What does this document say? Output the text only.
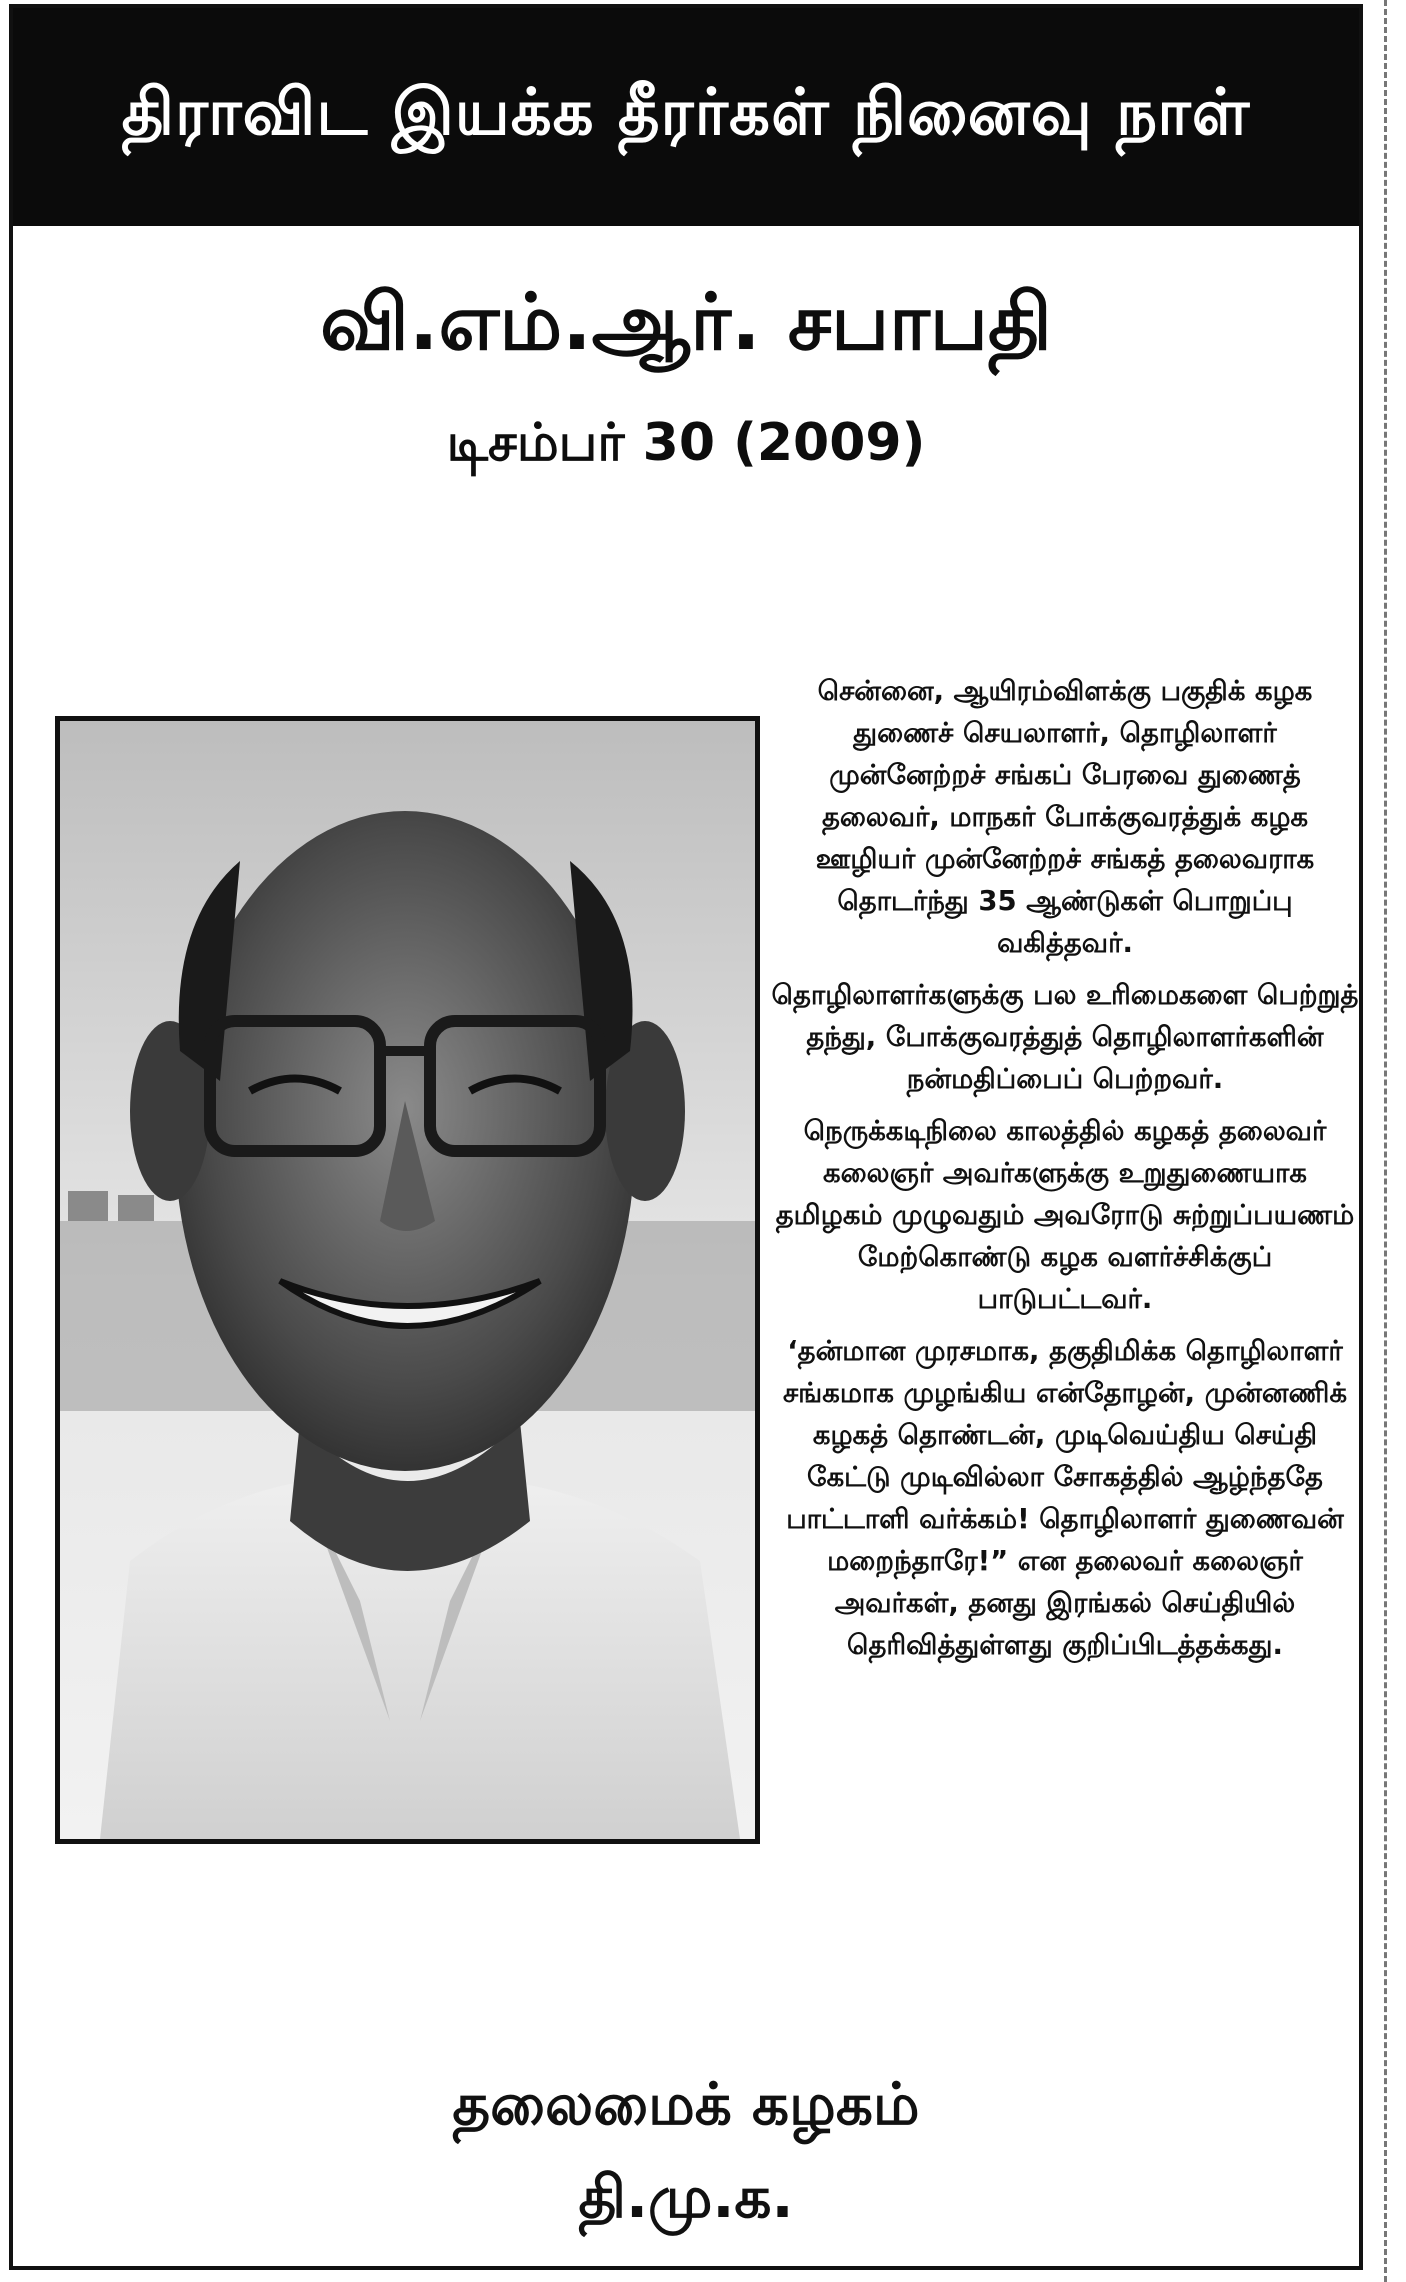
திராவிட இயக்க தீரர்கள் நினைவு நாள்
வி.எம்.ஆர். சபாபதி
டிசம்பர் 30 (2009)

சென்னை, ஆயிரம்விளக்கு பகுதிக் கழக துணைச் செயலாளர், தொழிலாளர் முன்னேற்றச் சங்கப் பேரவை துணைத் தலைவர், மாநகர் போக்குவரத்துக் கழக ஊழியர் முன்னேற்றச் சங்கத் தலைவராக தொடர்ந்து 35 ஆண்டுகள் பொறுப்பு வகித்தவர்.

தொழிலாளர்களுக்கு பல உரிமைகளை பெற்றுத் தந்து, போக்குவரத்துத் தொழிலாளர்களின் நன்மதிப்பைப் பெற்றவர்.

நெருக்கடிநிலை காலத்தில் கழகத் தலைவர் கலைஞர் அவர்களுக்கு உறுதுணையாக தமிழகம் முழுவதும் அவரோடு சுற்றுப்பயணம் மேற்கொண்டு கழக வளர்ச்சிக்குப் பாடுபட்டவர்.

‘தன்மான முரசமாக, தகுதிமிக்க தொழிலாளர் சங்கமாக முழங்கிய என்தோழன், முன்னணிக் கழகத் தொண்டன், முடிவெய்திய செய்தி கேட்டு முடிவில்லா சோகத்தில் ஆழ்ந்ததே பாட்டாளி வர்க்கம்! தொழிலாளர் துணைவன் மறைந்தாரே!” என தலைவர் கலைஞர் அவர்கள், தனது இரங்கல் செய்தியில் தெரிவித்துள்ளது குறிப்பிடத்தக்கது.

தலைமைக் கழகம்
தி.மு.க.
